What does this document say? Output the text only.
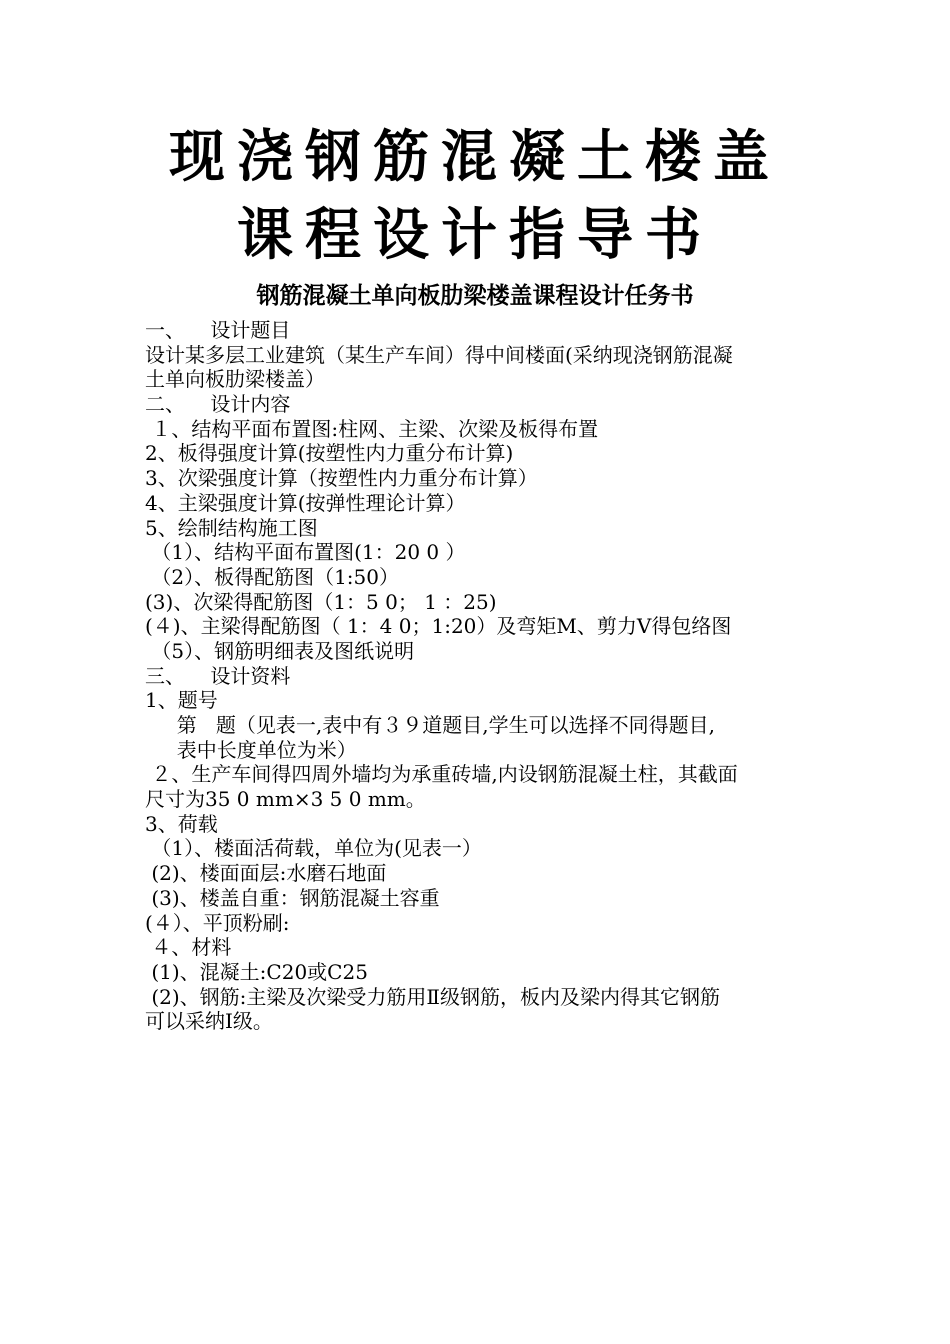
现浇钢筋混凝土楼盖
课程设计指导书
钢筋混凝土单向板肋梁楼盖课程设计任务书
一、    设计题目
设计某多层工业建筑（某生产车间）得中间楼面(采纳现浇钢筋混凝
土单向板肋梁楼盖）
二、    设计内容
１、结构平面布置图:柱网、主梁、次梁及板得布置
2、板得强度计算(按塑性内力重分布计算)
3、次梁强度计算（按塑性内力重分布计算）
4、主梁强度计算(按弹性理论计算）
5、绘制结构施工图
（1）、结构平面布置图(1：20 0 ）
（2）、板得配筋图（1:50）
(3)、次梁得配筋图（1：5 0； 1 ：25)
(４)、主梁得配筋图（ 1：4 0；1:20）及弯矩M、剪力V得包络图
（5）、钢筋明细表及图纸说明
三、    设计资料
1、题号
第   题（见表一,表中有３９道题目,学生可以选择不同得题目,
表中长度单位为米）
２、生产车间得四周外墙均为承重砖墙,内设钢筋混凝土柱，其截面
尺寸为35 0 mm×3 5 0 mm。
3、荷载
（1）、楼面活荷载，单位为(见表一）
(2)、楼面面层:水磨石地面
(3)、楼盖自重：钢筋混凝土容重
(４）、平顶粉刷:
４、材料
(1)、混凝土:C20或C25
(2)、钢筋:主梁及次梁受力筋用Ⅱ级钢筋，板内及梁内得其它钢筋
可以采纳Ⅰ级。
